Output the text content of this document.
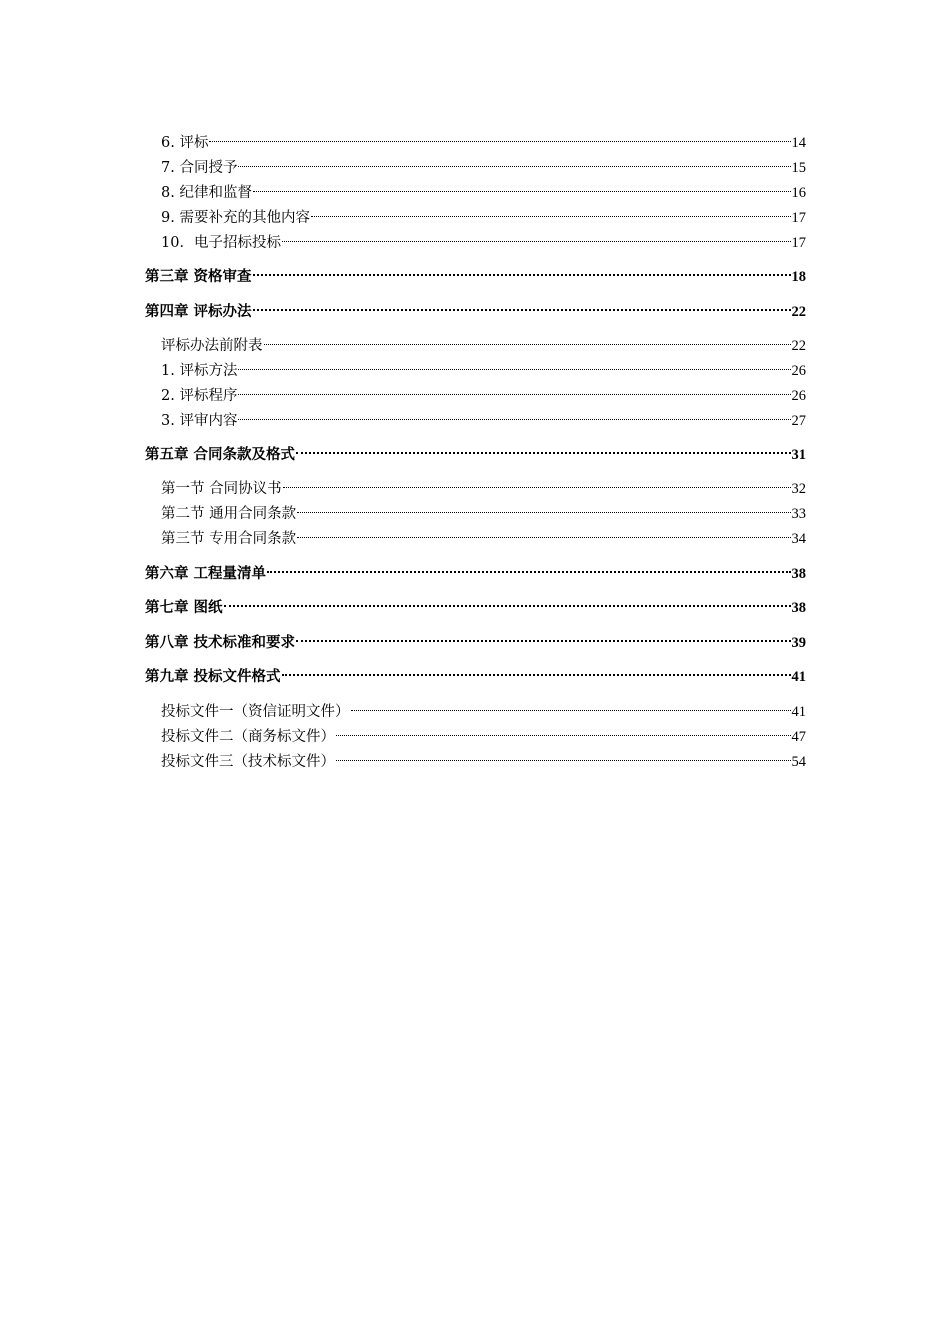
6. 评标	14
7. 合同授予	15
8. 纪律和监督	16
9. 需要补充的其他内容	17
10．电子招标投标	17
第三章 资格审查	18
第四章 评标办法	22
评标办法前附表	22
1. 评标方法	26
2. 评标程序	26
3. 评审内容	27
第五章 合同条款及格式	31
第一节 合同协议书	32
第二节 通用合同条款	33
第三节 专用合同条款	34
第六章 工程量清单	38
第七章 图纸	38
第八章 技术标准和要求	39
第九章 投标文件格式	41
投标文件一（资信证明文件）	41
投标文件二（商务标文件）	47
投标文件三（技术标文件）	54
